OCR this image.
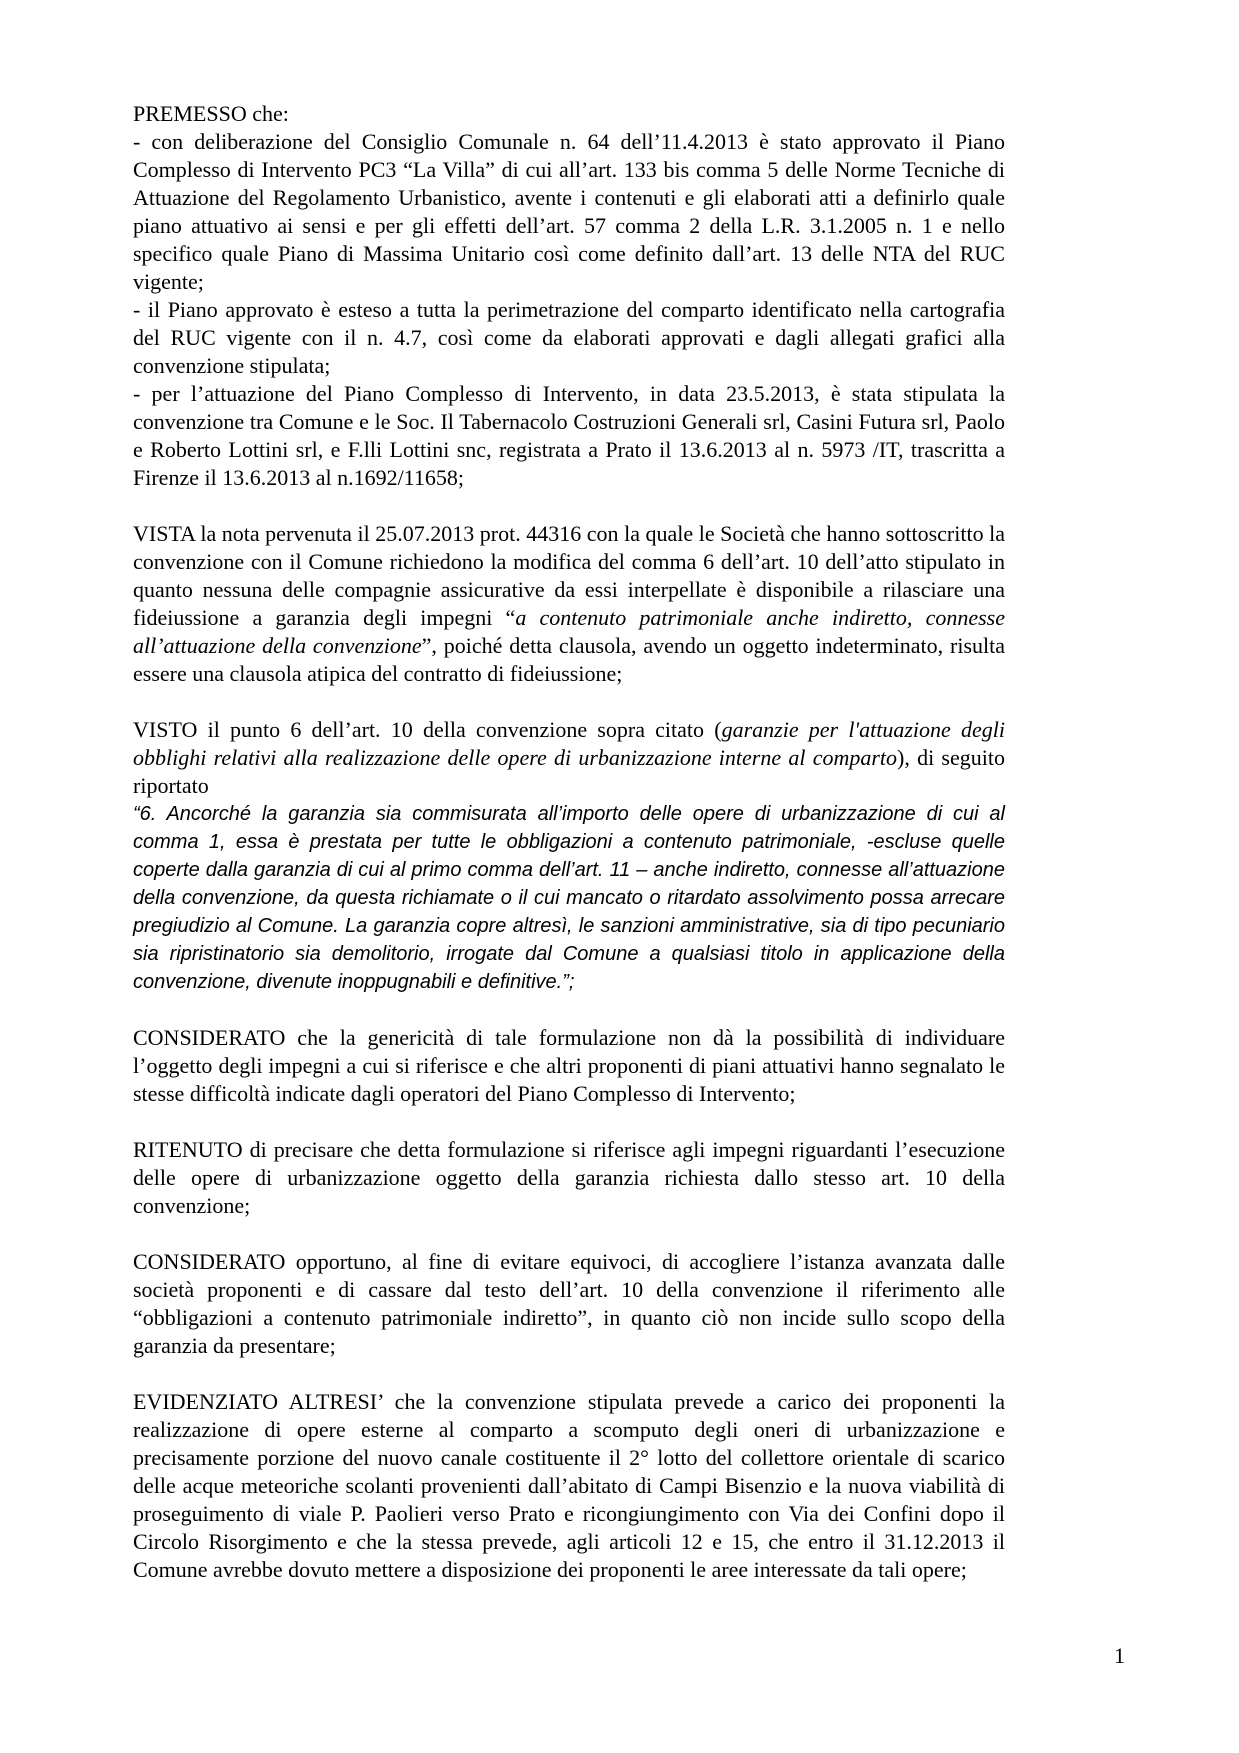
PREMESSO che:

- con deliberazione del Consiglio Comunale n. 64 dell’11.4.2013 è stato approvato il Piano Complesso di Intervento PC3 “La Villa” di cui all’art. 133 bis comma 5 delle Norme Tecniche di Attuazione del Regolamento Urbanistico, avente i contenuti e gli elaborati atti a definirlo quale piano attuativo ai sensi e per gli effetti dell’art. 57 comma 2 della L.R. 3.1.2005 n. 1 e nello specifico quale Piano di Massima Unitario così come definito dall’art. 13 delle NTA del RUC vigente;

- il Piano approvato è esteso a tutta la perimetrazione del comparto identificato nella cartografia del RUC vigente con il n. 4.7, così come da elaborati approvati e dagli allegati grafici alla convenzione stipulata;

- per l’attuazione del Piano Complesso di Intervento, in data 23.5.2013, è stata stipulata la convenzione tra Comune e le Soc. Il Tabernacolo Costruzioni Generali srl, Casini Futura srl, Paolo e Roberto Lottini srl, e F.lli Lottini snc, registrata a Prato il 13.6.2013 al n. 5973 /IT, trascritta a Firenze il 13.6.2013 al n.1692/11658;

VISTA la nota pervenuta il 25.07.2013 prot. 44316 con la quale le Società che hanno sottoscritto la convenzione con il Comune richiedono la modifica del comma 6 dell’art. 10 dell’atto stipulato in quanto nessuna delle compagnie assicurative da essi interpellate è disponibile a rilasciare una fideiussione a garanzia degli impegni “a contenuto patrimoniale anche indiretto, connesse all’attuazione della convenzione”, poiché detta clausola, avendo un oggetto indeterminato, risulta essere una clausola atipica del contratto di fideiussione;

VISTO il punto 6 dell’art. 10 della convenzione sopra citato (garanzie per l'attuazione degli obblighi relativi alla realizzazione delle opere di urbanizzazione interne al comparto), di seguito riportato

“6. Ancorché la garanzia sia commisurata all’importo delle opere di urbanizzazione di cui al comma 1, essa è prestata per tutte le obbligazioni a contenuto patrimoniale, -escluse quelle coperte dalla garanzia di cui al primo comma dell’art. 11 – anche indiretto, connesse all’attuazione della convenzione, da questa richiamate o il cui mancato o ritardato assolvimento possa arrecare pregiudizio al Comune. La garanzia copre altresì, le sanzioni amministrative, sia di tipo pecuniario sia ripristinatorio sia demolitorio, irrogate dal Comune a qualsiasi titolo in applicazione della convenzione, divenute inoppugnabili e definitive.”;

CONSIDERATO che la genericità di tale formulazione non dà la possibilità di individuare l’oggetto degli impegni a cui si riferisce e che altri proponenti di piani attuativi hanno segnalato le stesse difficoltà indicate dagli operatori del Piano Complesso di Intervento;

RITENUTO di precisare che detta formulazione si riferisce agli impegni riguardanti l’esecuzione delle opere di urbanizzazione oggetto della garanzia richiesta dallo stesso art. 10 della convenzione;

CONSIDERATO opportuno, al fine di evitare equivoci, di accogliere l’istanza avanzata dalle società proponenti e di cassare dal testo dell’art. 10 della convenzione il riferimento alle “obbligazioni a contenuto patrimoniale indiretto”, in quanto ciò non incide sullo scopo della garanzia da presentare;

EVIDENZIATO ALTRESI’ che la convenzione stipulata prevede a carico dei proponenti la realizzazione di opere esterne al comparto a scomputo degli oneri di urbanizzazione e precisamente porzione del nuovo canale costituente il 2° lotto del collettore orientale di scarico delle acque meteoriche scolanti provenienti dall’abitato di Campi Bisenzio e la nuova viabilità di proseguimento di viale P. Paolieri verso Prato e ricongiungimento con Via dei Confini dopo il Circolo Risorgimento e che la stessa prevede, agli articoli 12 e 15, che entro il 31.12.2013 il Comune avrebbe dovuto mettere a disposizione dei proponenti le aree interessate da tali opere;

1
